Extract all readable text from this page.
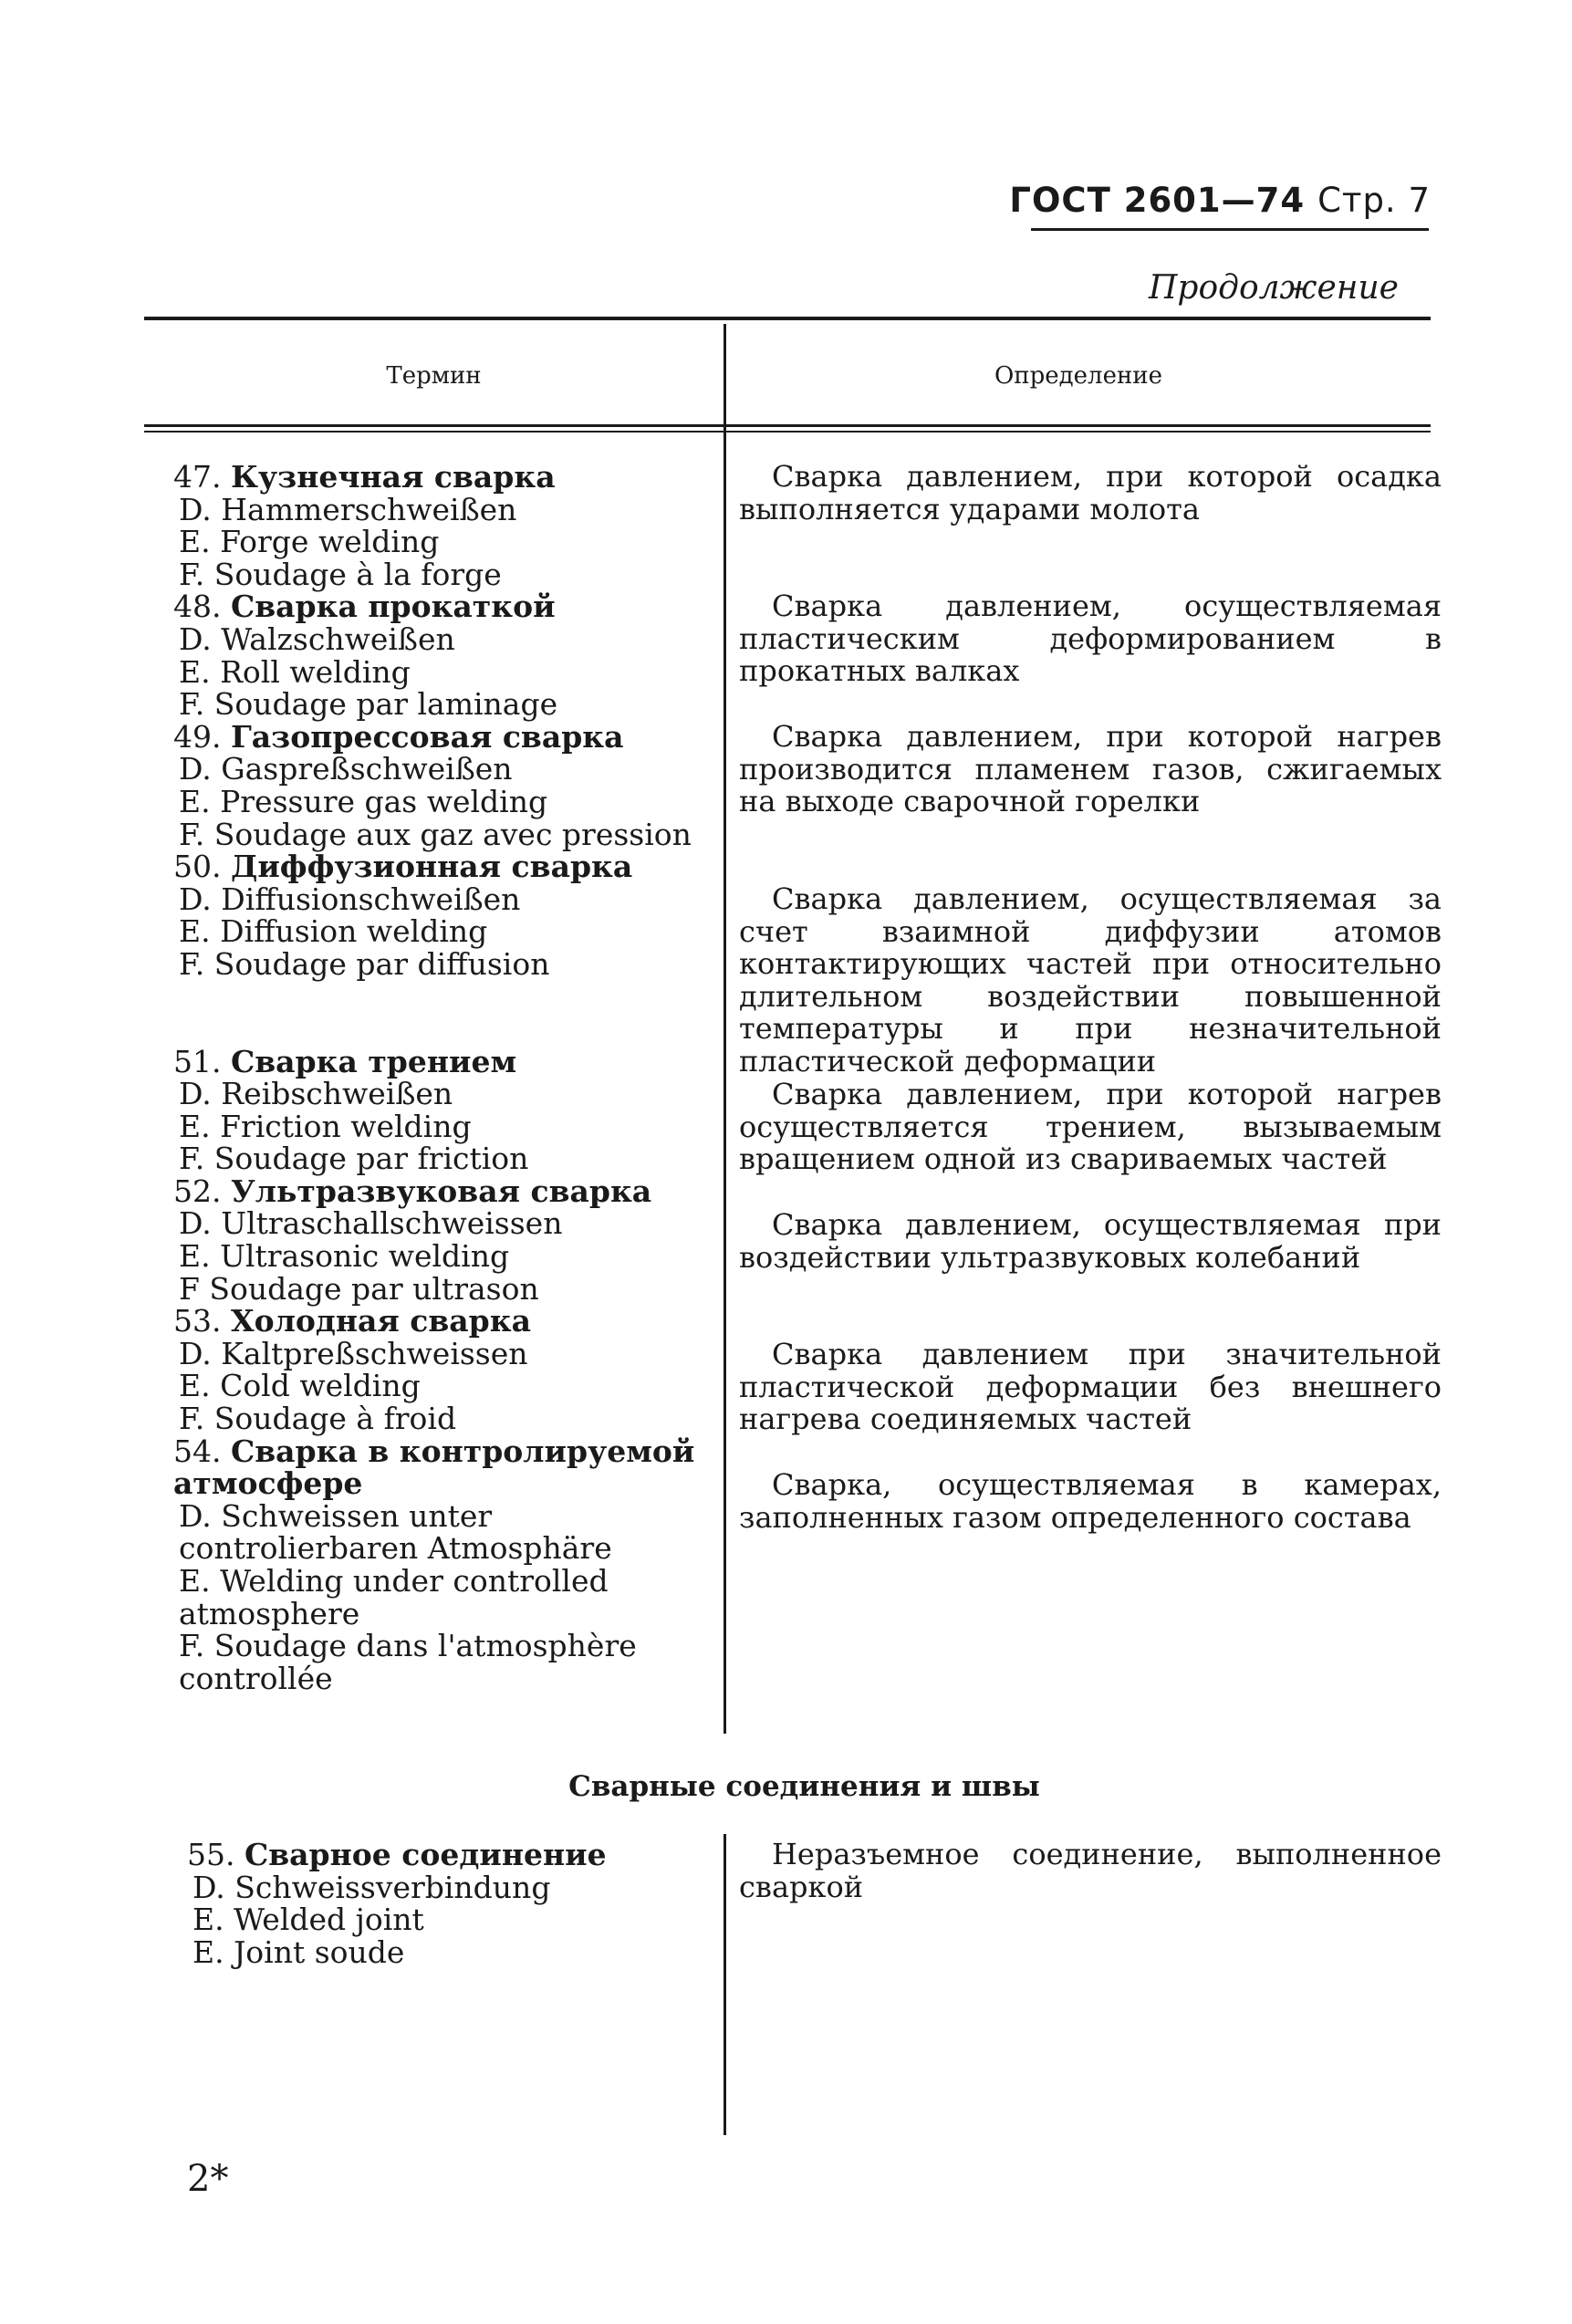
ГОСТ 2601—74 Стр. 7
Продолжение
Термин	Определение
47. Кузнечная сварка
D. Hammerschweißen
E. Forge welding
F. Soudage à la forge
48. Сварка прокаткой
D. Walzschweißen
E. Roll welding
F. Soudage par laminage
49. Газопрессовая сварка
D. Gaspreßschweißen
E. Pressure gas welding
F. Soudage aux gaz avec pression
50. Диффузионная сварка
D. Diffusionschweißen
E. Diffusion welding
F. Soudage par diffusion
51. Сварка трением
D. Reibschweißen
E. Friction welding
F. Soudage par friction
52. Ультразвуковая сварка
D. Ultraschallschweissen
E. Ultrasonic welding
F Soudage par ultrason
53. Холодная сварка
D. Kaltpreßschweissen
E. Cold welding
F. Soudage à froid
54. Сварка в контролируемой атмосфере
D. Schweissen unter controlierbaren Atmosphäre
E. Welding under controlled atmosphere
F. Soudage dans l'atmosphère controllée

Сварка давлением, при которой осадка выполняется ударами молота

Сварка давлением, осуществляемая пластическим деформированием в прокатных валках

Сварка давлением, при которой нагрев производится пламенем газов, сжигаемых на выходе сварочной горелки

Сварка давлением, осуществляемая за счет взаимной диффузии атомов контактирующих частей при относительно длительном воздействии повышенной температуры и при незначительной пластической деформации

Сварка давлением, при которой нагрев осуществляется трением, вызываемым вращением одной из свариваемых частей

Сварка давлением, осуществляемая при воздействии ультразвуковых колебаний

Сварка давлением при значительной пластической деформации без внешнего нагрева соединяемых частей

Сварка, осуществляемая в камерах, заполненных газом определенного состава

Сварные соединения и швы
55. Сварное соединение
D. Schweissverbindung
E. Welded joint
E. Joint soude

Неразъемное соединение, выполненное сваркой

2*
